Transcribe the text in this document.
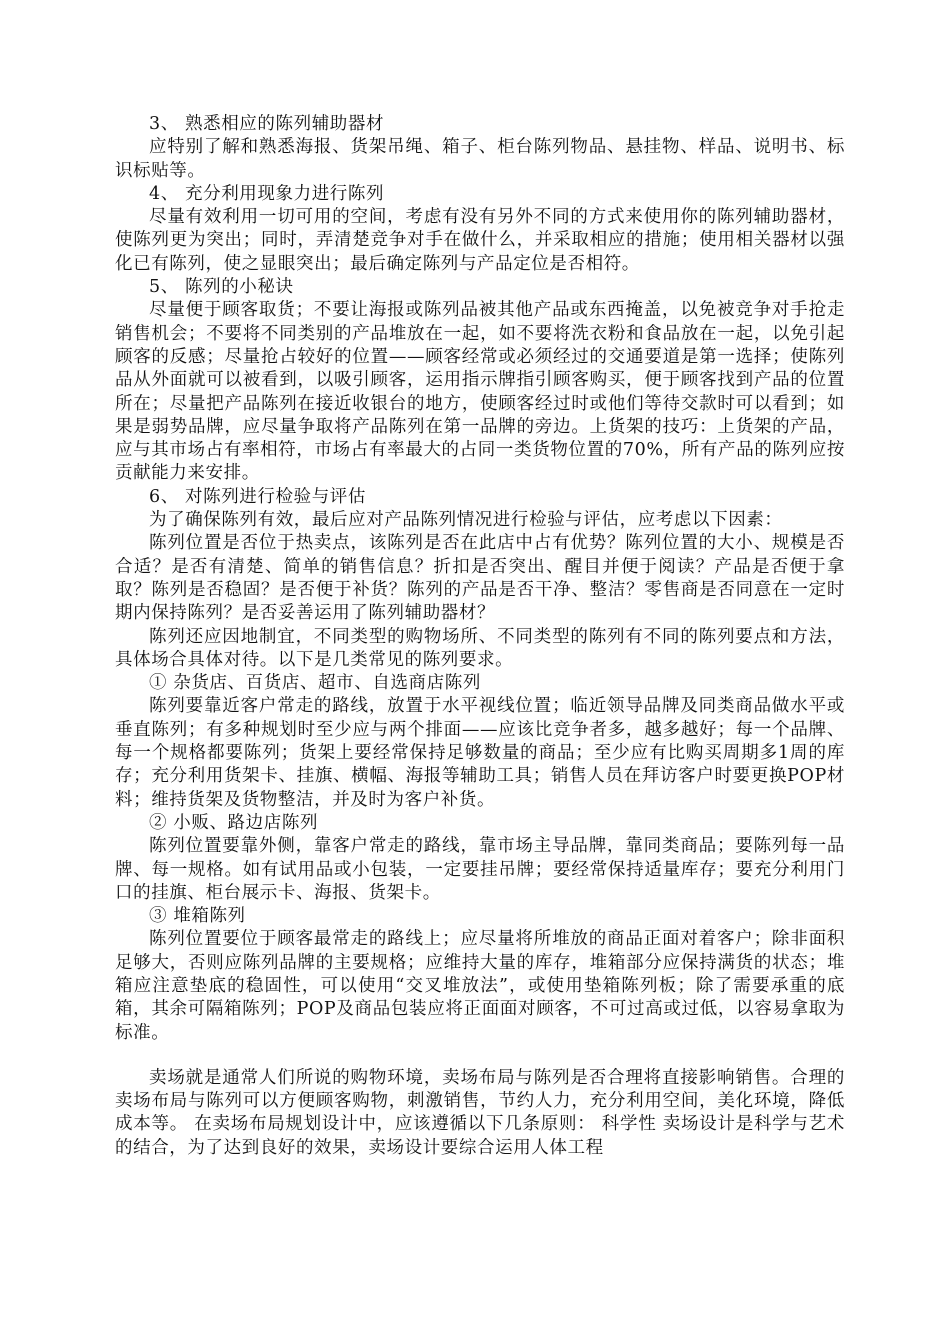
3、 熟悉相应的陈列辅助器材

应特别了解和熟悉海报、货架吊绳、箱子、柜台陈列物品、悬挂物、样品、说明书、标识标贴等。

4、 充分利用现象力进行陈列

尽量有效利用一切可用的空间，考虑有没有另外不同的方式来使用你的陈列辅助器材，使陈列更为突出；同时，弄清楚竞争对手在做什么，并采取相应的措施；使用相关器材以强化已有陈列，使之显眼突出；最后确定陈列与产品定位是否相符。

5、 陈列的小秘诀

尽量便于顾客取货；不要让海报或陈列品被其他产品或东西掩盖，以免被竞争对手抢走销售机会；不要将不同类别的产品堆放在一起，如不要将洗衣粉和食品放在一起，以免引起顾客的反感；尽量抢占较好的位置——顾客经常或必须经过的交通要道是第一选择；使陈列品从外面就可以被看到，以吸引顾客，运用指示牌指引顾客购买，便于顾客找到产品的位置所在；尽量把产品陈列在接近收银台的地方，使顾客经过时或他们等待交款时可以看到；如果是弱势品牌，应尽量争取将产品陈列在第一品牌的旁边。上货架的技巧：上货架的产品，应与其市场占有率相符，市场占有率最大的占同一类货物位置的70%，所有产品的陈列应按贡献能力来安排。

6、 对陈列进行检验与评估

为了确保陈列有效，最后应对产品陈列情况进行检验与评估，应考虑以下因素：

陈列位置是否位于热卖点，该陈列是否在此店中占有优势？陈列位置的大小、规模是否合适？是否有清楚、简单的销售信息？折扣是否突出、醒目并便于阅读？产品是否便于拿取？陈列是否稳固？是否便于补货？陈列的产品是否干净、整洁？零售商是否同意在一定时期内保持陈列？是否妥善运用了陈列辅助器材？

陈列还应因地制宜，不同类型的购物场所、不同类型的陈列有不同的陈列要点和方法，具体场合具体对待。以下是几类常见的陈列要求。

① 杂货店、百货店、超市、自选商店陈列

陈列要靠近客户常走的路线，放置于水平视线位置；临近领导品牌及同类商品做水平或垂直陈列；有多种规划时至少应与两个排面——应该比竞争者多，越多越好；每一个品牌、每一个规格都要陈列；货架上要经常保持足够数量的商品；至少应有比购买周期多1周的库存；充分利用货架卡、挂旗、横幅、海报等辅助工具；销售人员在拜访客户时要更换POP材料；维持货架及货物整洁，并及时为客户补货。

② 小贩、路边店陈列

陈列位置要靠外侧，靠客户常走的路线，靠市场主导品牌，靠同类商品；要陈列每一品牌、每一规格。如有试用品或小包装，一定要挂吊牌；要经常保持适量库存；要充分利用门口的挂旗、柜台展示卡、海报、货架卡。

③ 堆箱陈列

陈列位置要位于顾客最常走的路线上；应尽量将所堆放的商品正面对着客户；除非面积足够大，否则应陈列品牌的主要规格；应维持大量的库存，堆箱部分应保持满货的状态；堆箱应注意垫底的稳固性，可以使用“交叉堆放法”，或使用垫箱陈列板；除了需要承重的底箱，其余可隔箱陈列；POP及商品包装应将正面面对顾客，不可过高或过低，以容易拿取为标准。

卖场就是通常人们所说的购物环境，卖场布局与陈列是否合理将直接影响销售。合理的卖场布局与陈列可以方便顾客购物，刺激销售，节约人力，充分利用空间，美化环境，降低成本等。 在卖场布局规划设计中，应该遵循以下几条原则： 科学性 卖场设计是科学与艺术的结合，为了达到良好的效果，卖场设计要综合运用人体工程
